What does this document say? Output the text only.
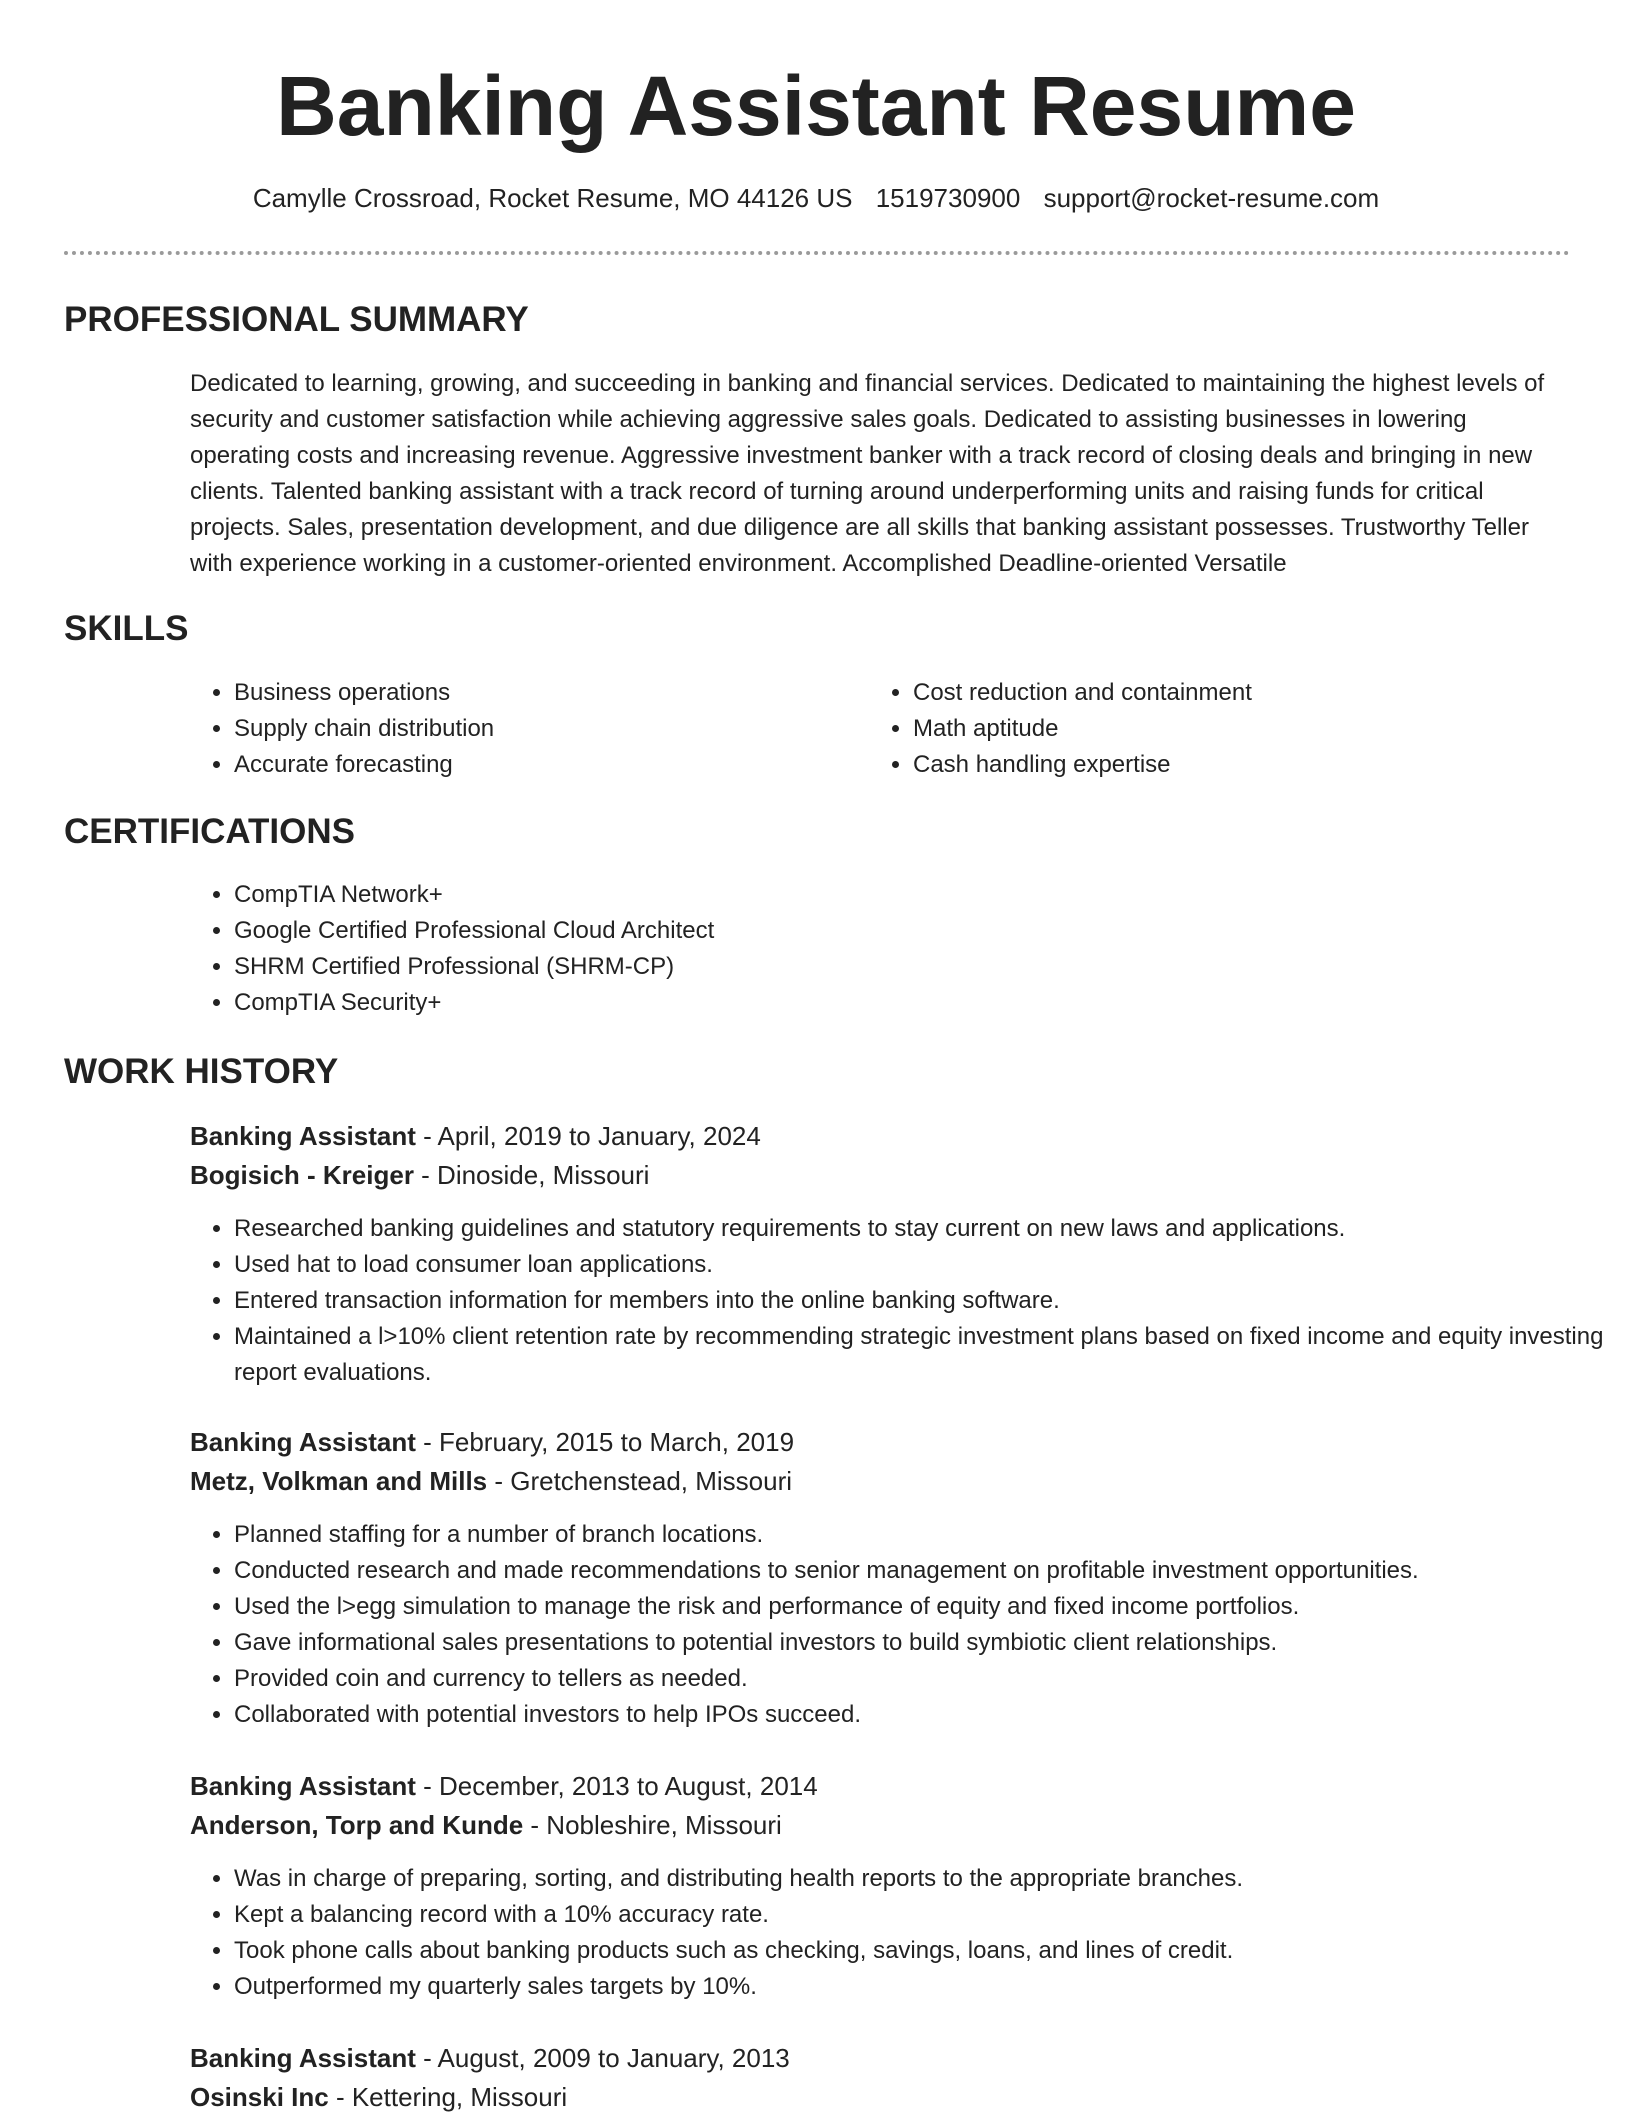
Banking Assistant Resume
Camylle Crossroad, Rocket Resume, MO 44126 US 1519730900 support@rocket-resume.com
PROFESSIONAL SUMMARY

Dedicated to learning, growing, and succeeding in banking and financial services. Dedicated to maintaining the highest levels of security and customer satisfaction while achieving aggressive sales goals. Dedicated to assisting businesses in lowering operating costs and increasing revenue. Aggressive investment banker with a track record of closing deals and bringing in new clients. Talented banking assistant with a track record of turning around underperforming units and raising funds for critical projects. Sales, presentation development, and due diligence are all skills that banking assistant possesses. Trustworthy Teller with experience working in a customer-oriented environment. Accomplished Deadline-oriented Versatile

SKILLS
• Business operations
• Supply chain distribution
• Accurate forecasting
• Cost reduction and containment
• Math aptitude
• Cash handling expertise
CERTIFICATIONS
• CompTIA Network+
• Google Certified Professional Cloud Architect
• SHRM Certified Professional (SHRM-CP)
• CompTIA Security+
WORK HISTORY
Banking Assistant - April, 2019 to January, 2024
Bogisich - Kreiger - Dinoside, Missouri
• Researched banking guidelines and statutory requirements to stay current on new laws and applications.
• Used hat to load consumer loan applications.
• Entered transaction information for members into the online banking software.
• Maintained a l>10% client retention rate by recommending strategic investment plans based on fixed income and equity investing report evaluations.
Banking Assistant - February, 2015 to March, 2019
Metz, Volkman and Mills - Gretchenstead, Missouri
• Planned staffing for a number of branch locations.
• Conducted research and made recommendations to senior management on profitable investment opportunities.
• Used the l>egg simulation to manage the risk and performance of equity and fixed income portfolios.
• Gave informational sales presentations to potential investors to build symbiotic client relationships.
• Provided coin and currency to tellers as needed.
• Collaborated with potential investors to help IPOs succeed.
Banking Assistant - December, 2013 to August, 2014
Anderson, Torp and Kunde - Nobleshire, Missouri
• Was in charge of preparing, sorting, and distributing health reports to the appropriate branches.
• Kept a balancing record with a 10% accuracy rate.
• Took phone calls about banking products such as checking, savings, loans, and lines of credit.
• Outperformed my quarterly sales targets by 10%.
Banking Assistant - August, 2009 to January, 2013
Osinski Inc - Kettering, Missouri
